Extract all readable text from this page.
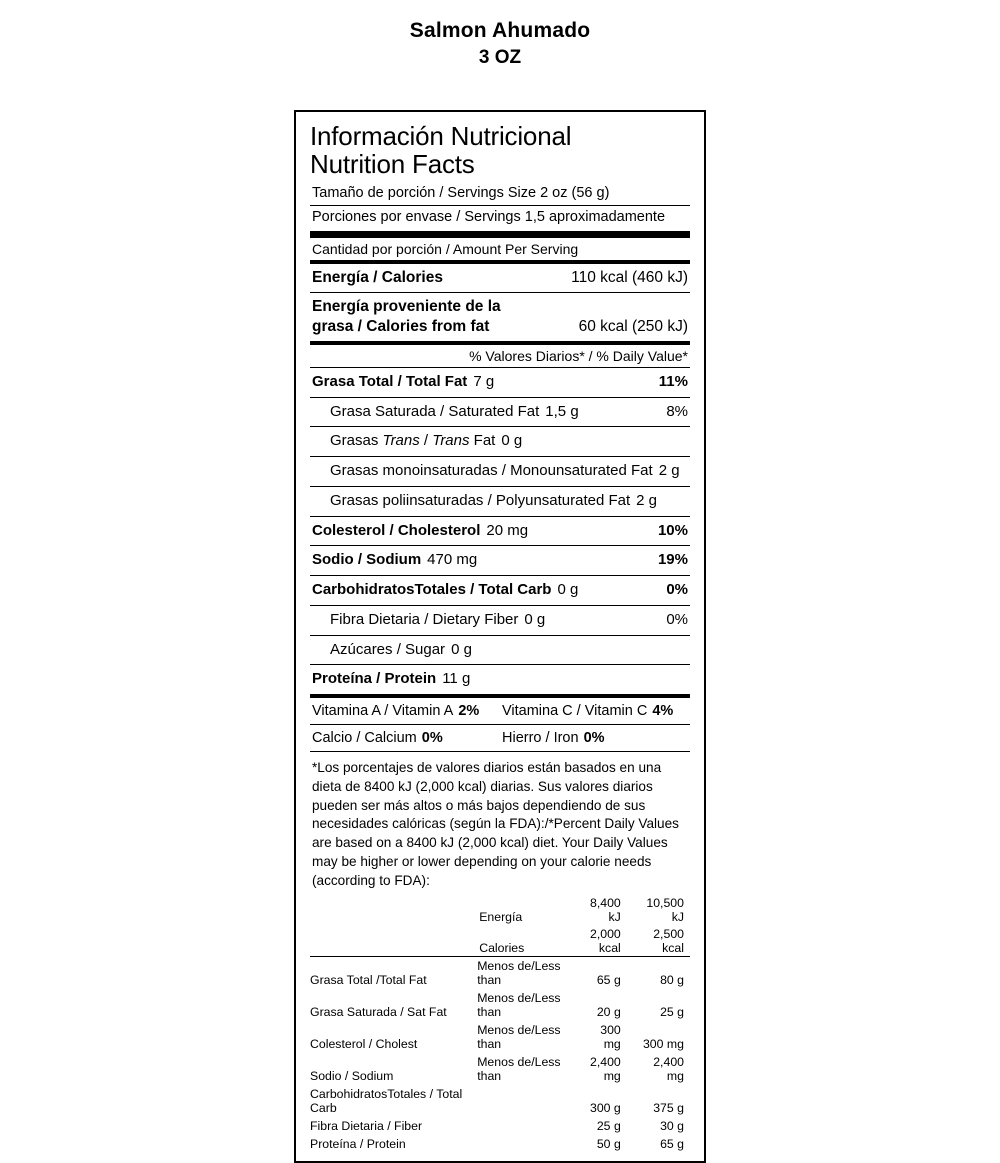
Salmon Ahumado
3 OZ
Información Nutricional
Nutrition Facts
Tamaño de porción / Servings Size 2 oz (56 g)
Porciones por envase / Servings 1,5 aproximadamente
Cantidad por porción / Amount Per Serving
Energía / Calories	110 kcal (460 kJ)
Energía proveniente de la
grasa / Calories from fat	60 kcal (250 kJ)
% Valores Diarios* / % Daily Value*
Grasa Total / Total Fat 7 g	11%
Grasa Saturada / Saturated Fat 1,5 g	8%
Grasas Trans / Trans Fat 0 g
Grasas monoinsaturadas / Monounsaturated Fat 2 g
Grasas poliinsaturadas / Polyunsaturated Fat 2 g
Colesterol / Cholesterol 20 mg	10%
Sodio / Sodium 470 mg	19%
CarbohidratosTotales / Total Carb 0 g	0%
Fibra Dietaria / Dietary Fiber 0 g	0%
Azúcares / Sugar 0 g
Proteína / Protein 11 g
Vitamina A / Vitamin A 2% Vitamina C / Vitamin C 4%
Calcio / Calcium 0%	Hierro / Iron 0%
*Los porcentajes de valores diarios están basados en una dieta de 8400 kJ (2,000 kcal) diarias. Sus valores diarios pueden ser más altos o más bajos dependiendo de sus necesidades calóricas (según la FDA):/*Percent Daily Values are based on a 8400 kJ (2,000 kcal) diet. Your Daily Values may be higher or lower depending on your calorie needs (according to FDA):
	Energía	8,400 kJ	10,500 kJ
	Calories	2,000 kcal	2,500 kcal

Grasa Total /Total Fat	Menos de/Less than	65 g	80 g
Grasa Saturada / Sat Fat	Menos de/Less than	20 g	25 g
Colesterol / Cholest	Menos de/Less than	300 mg	300 mg
Sodio / Sodium	Menos de/Less than	2,400 mg	2,400 mg
CarbohidratosTotales / Total Carb		300 g	375 g
Fibra Dietaria / Fiber		25 g	30 g
Proteína / Protein		50 g	65 g
